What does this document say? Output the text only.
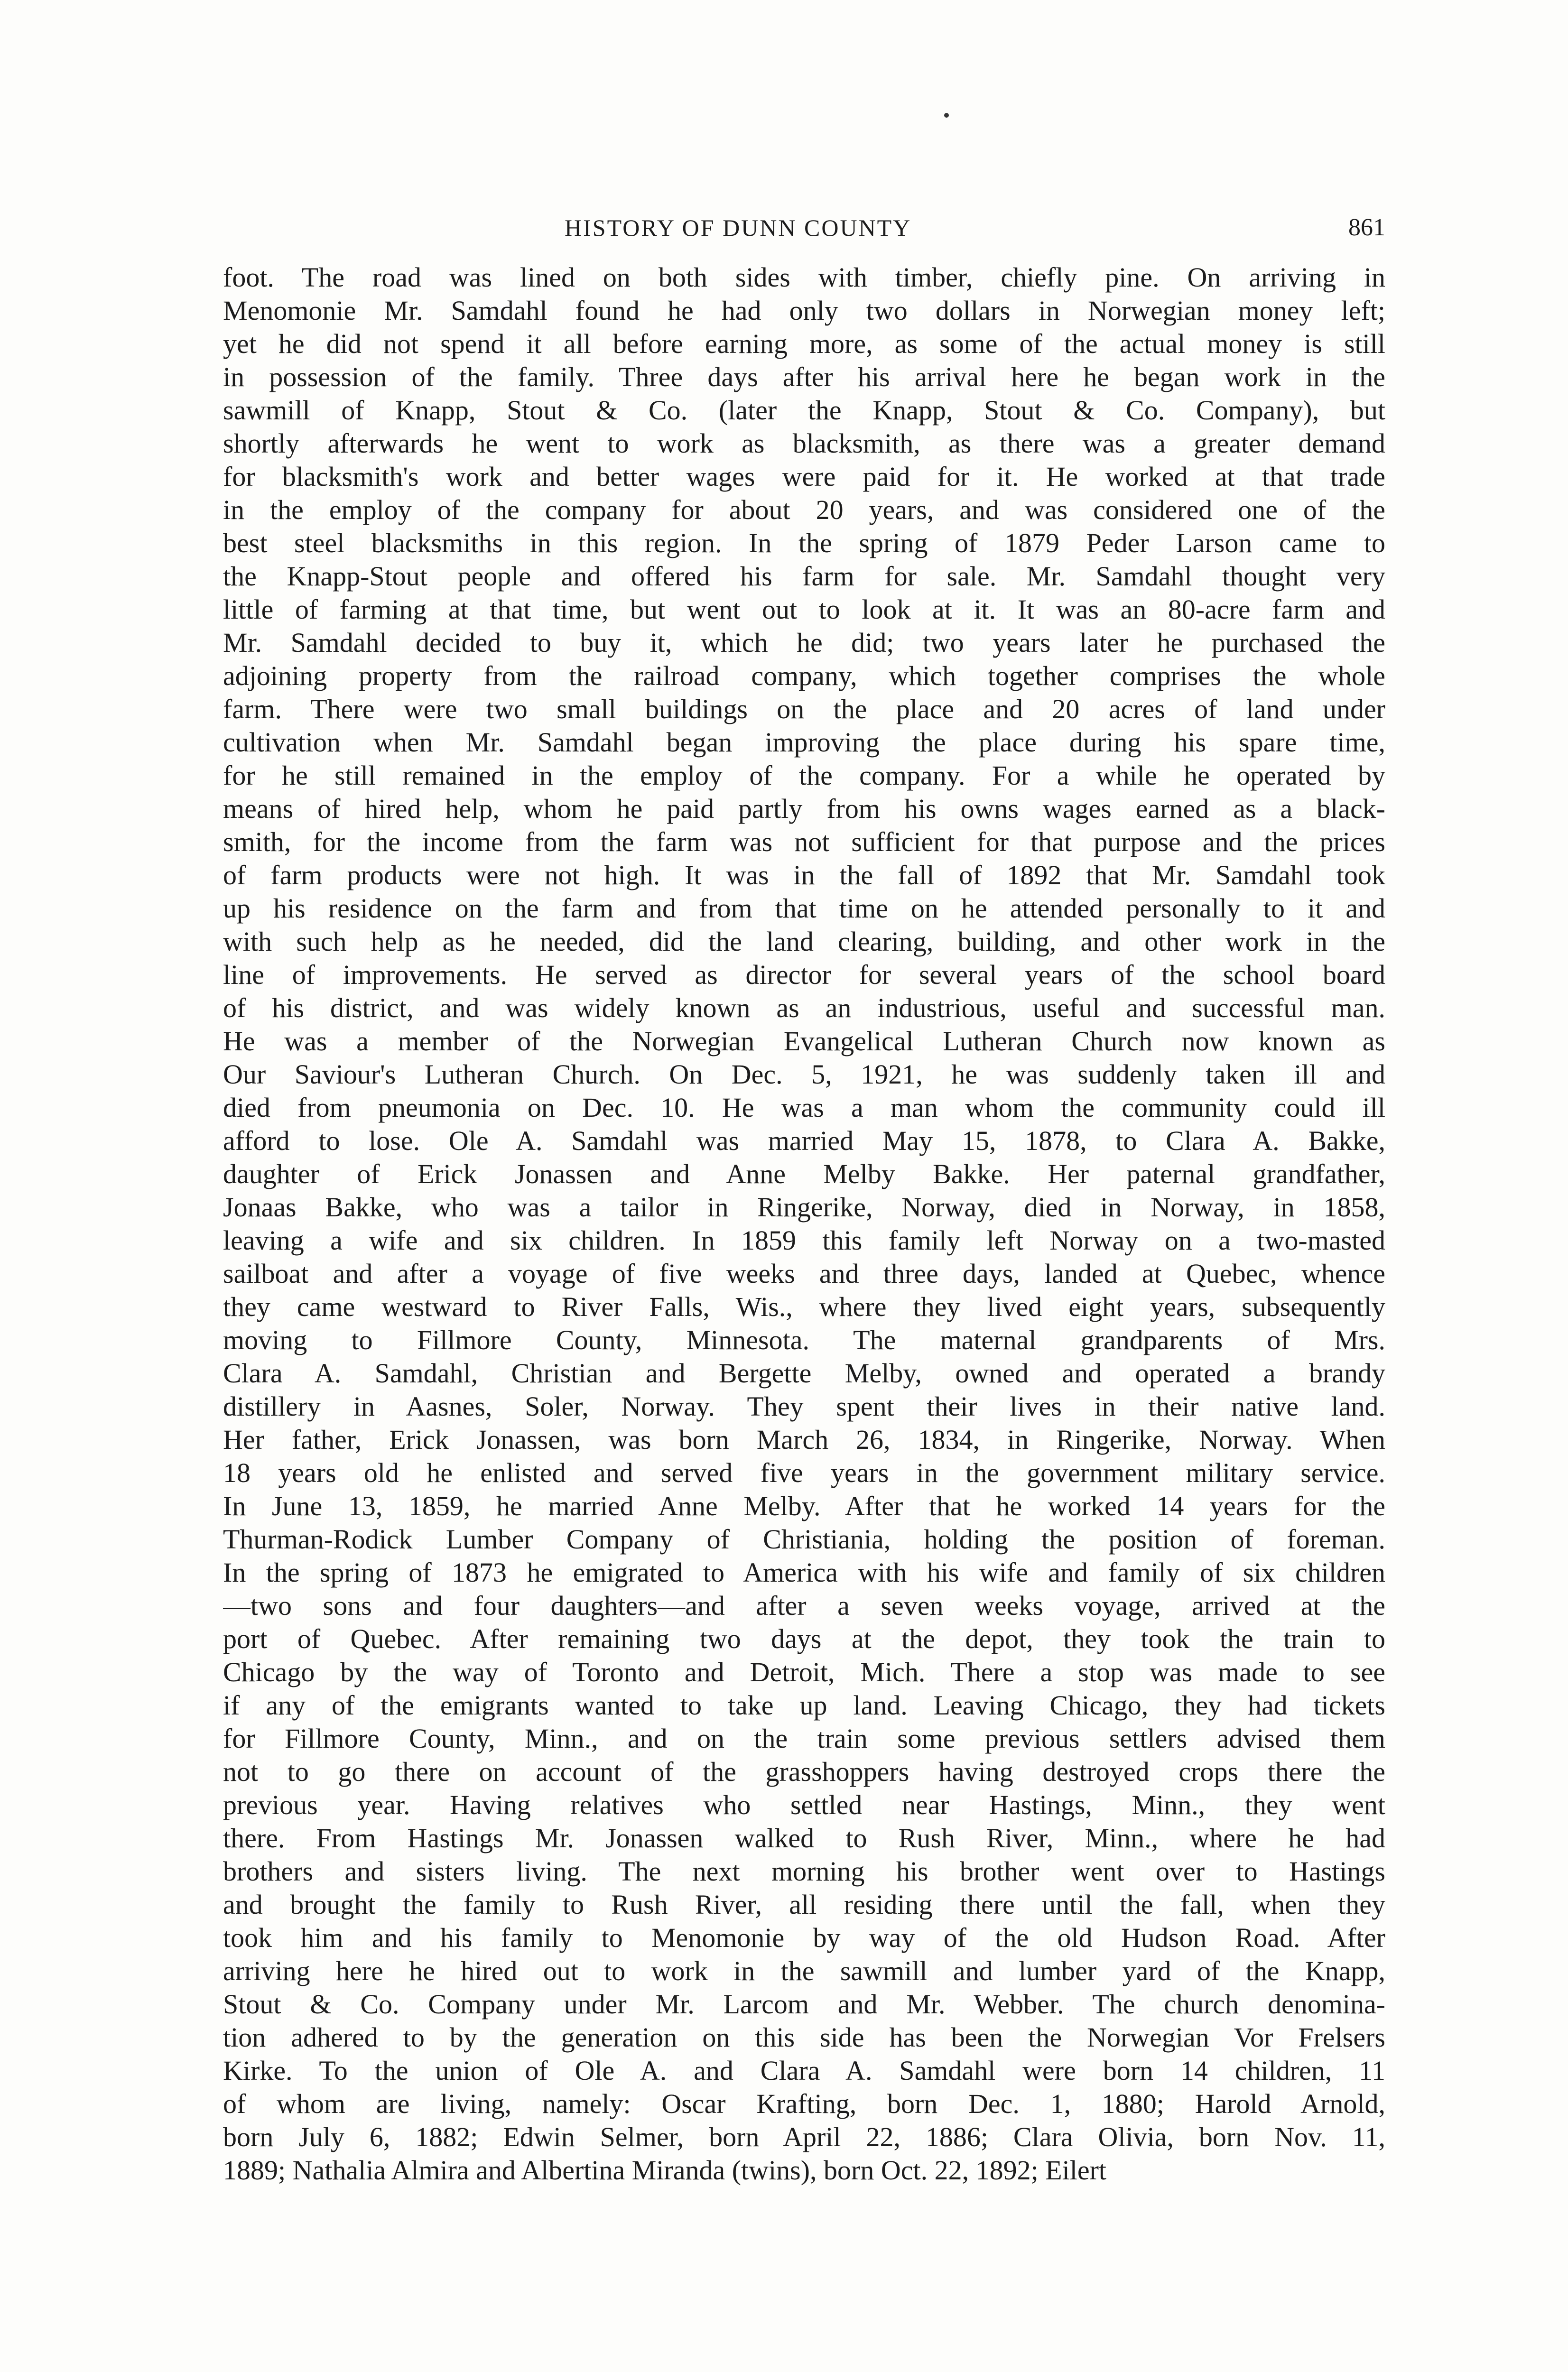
HISTORY OF DUNN COUNTY	861
foot. The road was lined on both sides with timber, chiefly pine. On arriving in
Menomonie Mr. Samdahl found he had only two dollars in Norwegian money left;
yet he did not spend it all before earning more, as some of the actual money is still
in possession of the family. Three days after his arrival here he began work in the
sawmill of Knapp, Stout & Co. (later the Knapp, Stout & Co. Company), but
shortly afterwards he went to work as blacksmith, as there was a greater demand
for blacksmith's work and better wages were paid for it. He worked at that trade
in the employ of the company for about 20 years, and was considered one of the
best steel blacksmiths in this region. In the spring of 1879 Peder Larson came to
the Knapp-Stout people and offered his farm for sale. Mr. Samdahl thought very
little of farming at that time, but went out to look at it. It was an 80-acre farm and
Mr. Samdahl decided to buy it, which he did; two years later he purchased the
adjoining property from the railroad company, which together comprises the whole
farm. There were two small buildings on the place and 20 acres of land under
cultivation when Mr. Samdahl began improving the place during his spare time,
for he still remained in the employ of the company. For a while he operated by
means of hired help, whom he paid partly from his owns wages earned as a black-
smith, for the income from the farm was not sufficient for that purpose and the prices
of farm products were not high. It was in the fall of 1892 that Mr. Samdahl took
up his residence on the farm and from that time on he attended personally to it and
with such help as he needed, did the land clearing, building, and other work in the
line of improvements. He served as director for several years of the school board
of his district, and was widely known as an industrious, useful and successful man.
He was a member of the Norwegian Evangelical Lutheran Church now known as
Our Saviour's Lutheran Church. On Dec. 5, 1921, he was suddenly taken ill and
died from pneumonia on Dec. 10. He was a man whom the community could ill
afford to lose. Ole A. Samdahl was married May 15, 1878, to Clara A. Bakke,
daughter of Erick Jonassen and Anne Melby Bakke. Her paternal grandfather,
Jonaas Bakke, who was a tailor in Ringerike, Norway, died in Norway, in 1858,
leaving a wife and six children. In 1859 this family left Norway on a two-masted
sailboat and after a voyage of five weeks and three days, landed at Quebec, whence
they came westward to River Falls, Wis., where they lived eight years, subsequently
moving to Fillmore County, Minnesota. The maternal grandparents of Mrs.
Clara A. Samdahl, Christian and Bergette Melby, owned and operated a brandy
distillery in Aasnes, Soler, Norway. They spent their lives in their native land.
Her father, Erick Jonassen, was born March 26, 1834, in Ringerike, Norway. When
18 years old he enlisted and served five years in the government military service.
In June 13, 1859, he married Anne Melby. After that he worked 14 years for the
Thurman-Rodick Lumber Company of Christiania, holding the position of foreman.
In the spring of 1873 he emigrated to America with his wife and family of six children
—two sons and four daughters—and after a seven weeks voyage, arrived at the
port of Quebec. After remaining two days at the depot, they took the train to
Chicago by the way of Toronto and Detroit, Mich. There a stop was made to see
if any of the emigrants wanted to take up land. Leaving Chicago, they had tickets
for Fillmore County, Minn., and on the train some previous settlers advised them
not to go there on account of the grasshoppers having destroyed crops there the
previous year. Having relatives who settled near Hastings, Minn., they went
there. From Hastings Mr. Jonassen walked to Rush River, Minn., where he had
brothers and sisters living. The next morning his brother went over to Hastings
and brought the family to Rush River, all residing there until the fall, when they
took him and his family to Menomonie by way of the old Hudson Road. After
arriving here he hired out to work in the sawmill and lumber yard of the Knapp,
Stout & Co. Company under Mr. Larcom and Mr. Webber. The church denomina-
tion adhered to by the generation on this side has been the Norwegian Vor Frelsers
Kirke. To the union of Ole A. and Clara A. Samdahl were born 14 children, 11
of whom are living, namely: Oscar Krafting, born Dec. 1, 1880; Harold Arnold,
born July 6, 1882; Edwin Selmer, born April 22, 1886; Clara Olivia, born Nov. 11,
1889; Nathalia Almira and Albertina Miranda (twins), born Oct. 22, 1892; Eilert
